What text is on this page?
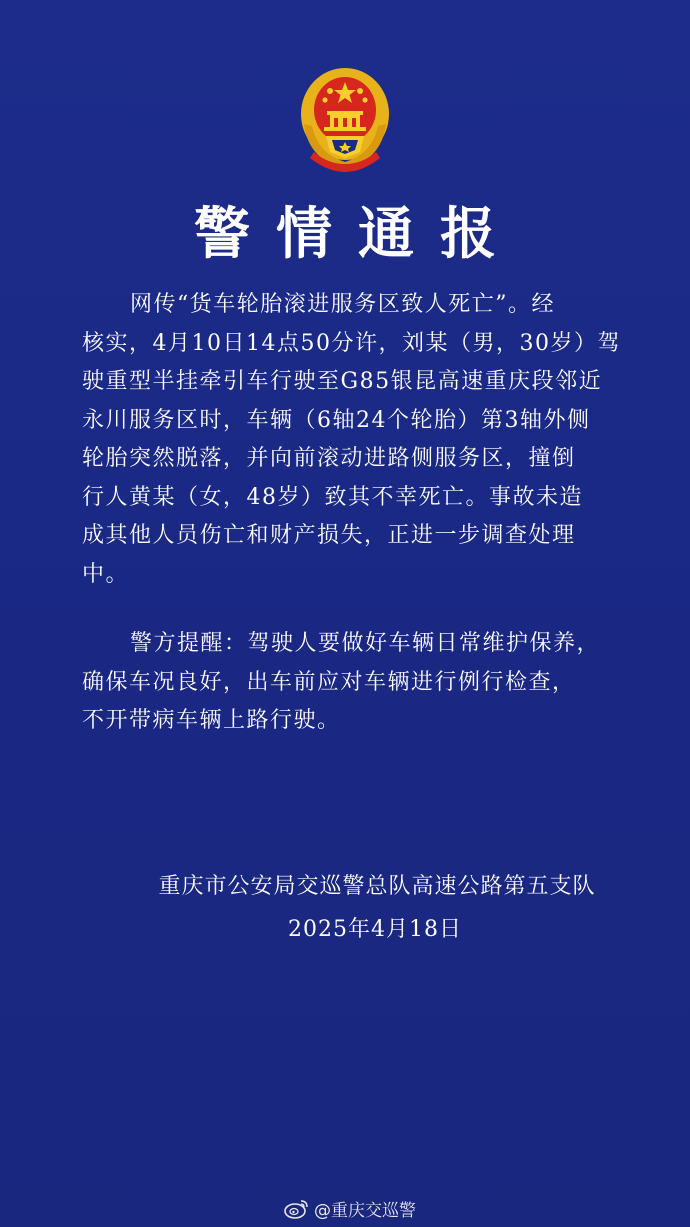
警情通报

网传“货车轮胎滚进服务区致人死亡”。经
核实，4月10日14点50分许，刘某（男，30岁）驾
驶重型半挂牵引车行驶至G85银昆高速重庆段邻近
永川服务区时，车辆（6轴24个轮胎）第3轴外侧
轮胎突然脱落，并向前滚动进路侧服务区，撞倒
行人黄某（女，48岁）致其不幸死亡。事故未造
成其他人员伤亡和财产损失，正进一步调查处理
中。

警方提醒：驾驶人要做好车辆日常维护保养，
确保车况良好，出车前应对车辆进行例行检查，
不开带病车辆上路行驶。

重庆市公安局交巡警总队高速公路第五支队
2025年4月18日
@重庆交巡警
